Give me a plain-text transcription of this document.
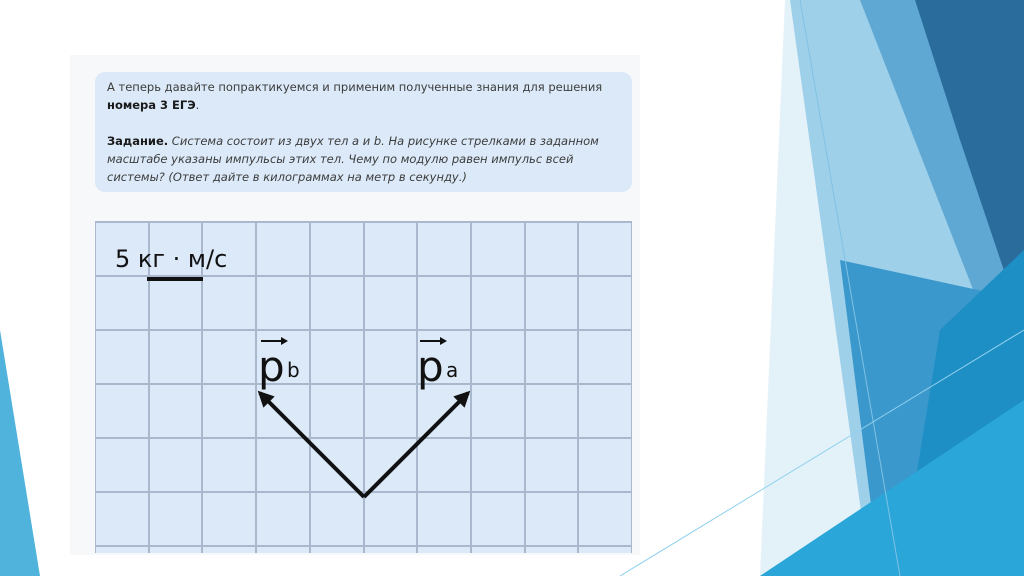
А теперь давайте попрактикуемся и применим полученные знания для решения номера 3 ЕГЭ.

Задание. Система состоит из двух тел a и b. На рисунке стрелками в заданном масштабе указаны импульсы этих тел. Чему по модулю равен импульс всей системы? (Ответ дайте в килограммах на метр в секунду.)

5 кг · м/с
p b	p a
